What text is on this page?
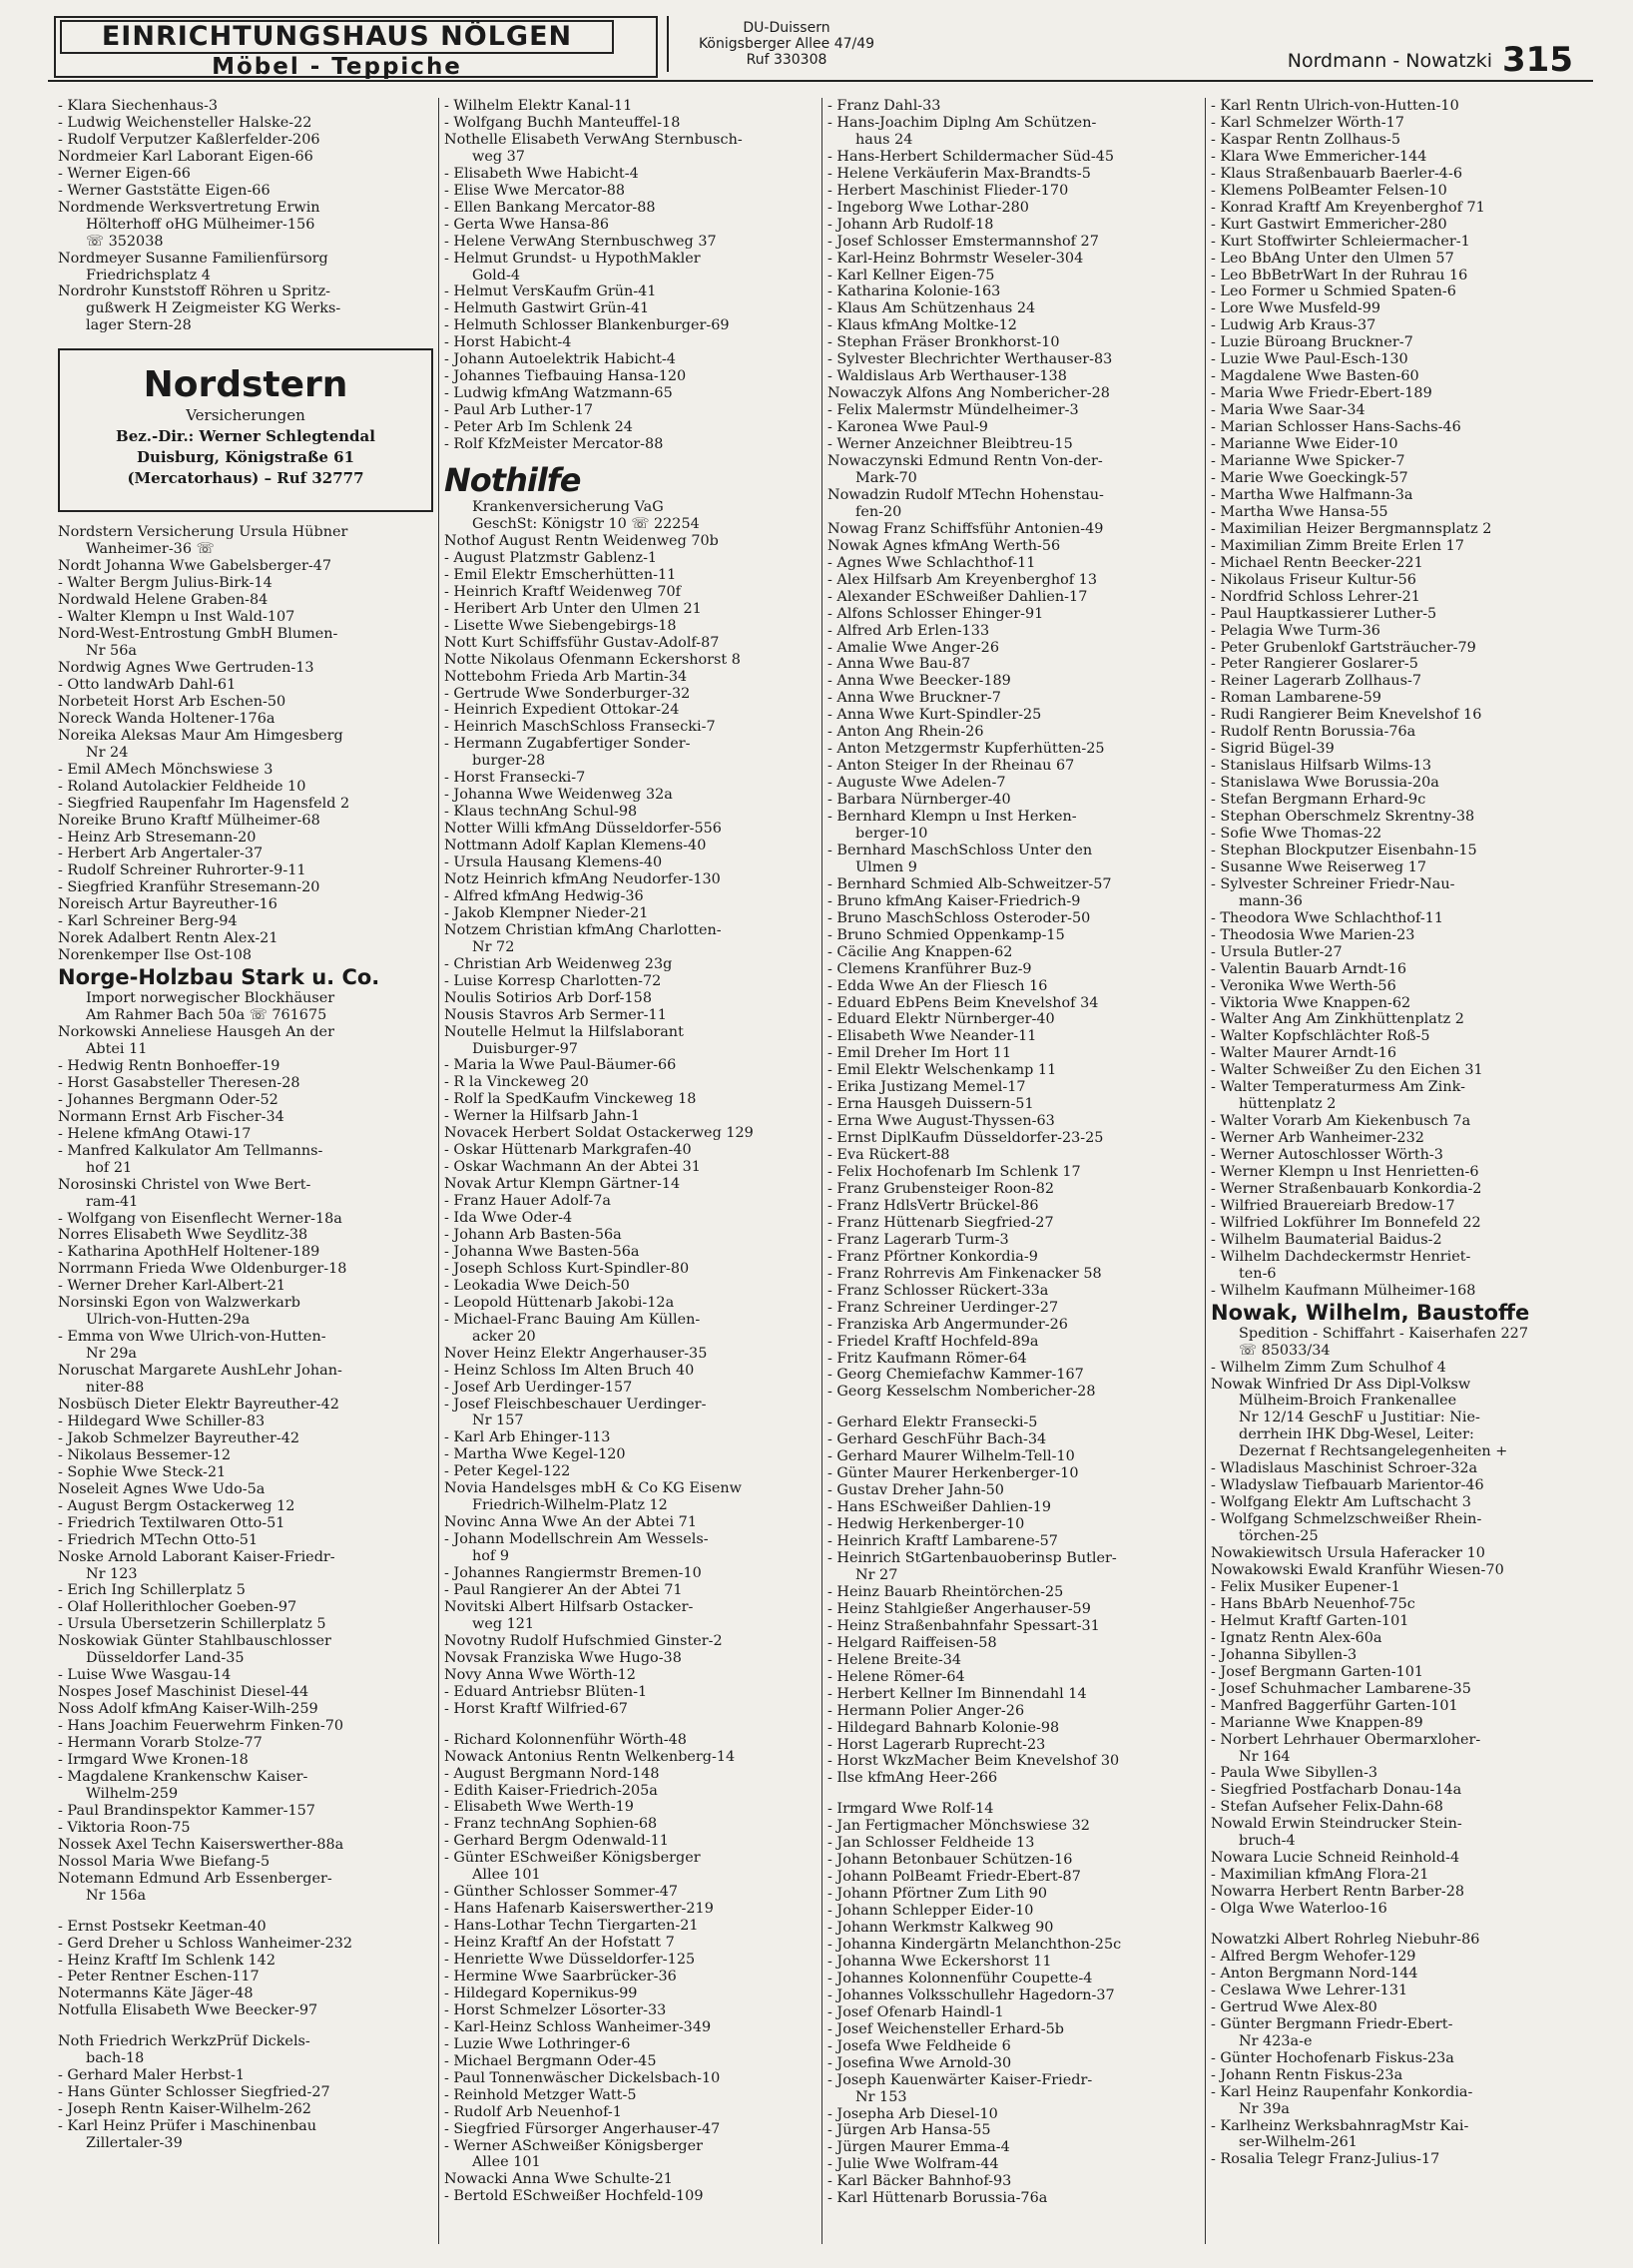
EINRICHTUNGSHAUS NÖLGEN
Möbel - Teppiche
DU-Duissern
Königsberger Allee 47/49
Ruf 330308	Nordmann - Nowatzki 315
- Klara Siechenhaus-3
- Ludwig Weichensteller Halske-22
- Rudolf Verputzer Kaßlerfelder-206
Nordmeier Karl Laborant Eigen-66
- Werner Eigen-66
- Werner Gaststätte Eigen-66
Nordmende Werksvertretung Erwin
Hölterhoff oHG Mülheimer-156
☏ 352038
Nordmeyer Susanne Familienfürsorg
Friedrichsplatz 4
Nordrohr Kunststoff Röhren u Spritz-
gußwerk H Zeigmeister KG Werks-
lager Stern-28
Nordstern
Versicherungen
Bez.-Dir.: Werner Schlegtendal
Duisburg, Königstraße 61
(Mercatorhaus) – Ruf 32777
Nordstern Versicherung Ursula Hübner
Wanheimer-36 ☏
Nordt Johanna Wwe Gabelsberger-47
- Walter Bergm Julius-Birk-14
Nordwald Helene Graben-84
- Walter Klempn u Inst Wald-107
Nord-West-Entrostung GmbH Blumen-
Nr 56a
Nordwig Agnes Wwe Gertruden-13
- Otto landwArb Dahl-61
Norbeteit Horst Arb Eschen-50
Noreck Wanda Holtener-176a
Noreika Aleksas Maur Am Himgesberg
Nr 24
- Emil AMech Mönchswiese 3
- Roland Autolackier Feldheide 10
- Siegfried Raupenfahr Im Hagensfeld 2
Noreike Bruno Kraftf Mülheimer-68
- Heinz Arb Stresemann-20
- Herbert Arb Angertaler-37
- Rudolf Schreiner Ruhrorter-9-11
- Siegfried Kranführ Stresemann-20
Noreisch Artur Bayreuther-16
- Karl Schreiner Berg-94
Norek Adalbert Rentn Alex-21
Norenkemper Ilse Ost-108
Norge-Holzbau Stark u. Co.
Import norwegischer Blockhäuser
Am Rahmer Bach 50a ☏ 761675
Norkowski Anneliese Hausgeh An der
Abtei 11
- Hedwig Rentn Bonhoeffer-19
- Horst Gasabsteller Theresen-28
- Johannes Bergmann Oder-52
Normann Ernst Arb Fischer-34
- Helene kfmAng Otawi-17
- Manfred Kalkulator Am Tellmanns-
hof 21
Norosinski Christel von Wwe Bert-
ram-41
- Wolfgang von Eisenflecht Werner-18a
Norres Elisabeth Wwe Seydlitz-38
- Katharina ApothHelf Holtener-189
Norrmann Frieda Wwe Oldenburger-18
- Werner Dreher Karl-Albert-21
Norsinski Egon von Walzwerkarb
Ulrich-von-Hutten-29a
- Emma von Wwe Ulrich-von-Hutten-
Nr 29a
Noruschat Margarete AushLehr Johan-
niter-88
Nosbüsch Dieter Elektr Bayreuther-42
- Hildegard Wwe Schiller-83
- Jakob Schmelzer Bayreuther-42
- Nikolaus Bessemer-12
- Sophie Wwe Steck-21
Noseleit Agnes Wwe Udo-5a
- August Bergm Ostackerweg 12
- Friedrich Textilwaren Otto-51
- Friedrich MTechn Otto-51
Noske Arnold Laborant Kaiser-Friedr-
Nr 123
- Erich Ing Schillerplatz 5
- Olaf Hollerithlocher Goeben-97
- Ursula Übersetzerin Schillerplatz 5
Noskowiak Günter Stahlbauschlosser
Düsseldorfer Land-35
- Luise Wwe Wasgau-14
Nospes Josef Maschinist Diesel-44
Noss Adolf kfmAng Kaiser-Wilh-259
- Hans Joachim Feuerwehrm Finken-70
- Hermann Vorarb Stolze-77
- Irmgard Wwe Kronen-18
- Magdalene Krankenschw Kaiser-
Wilhelm-259
- Paul Brandinspektor Kammer-157
- Viktoria Roon-75
Nossek Axel Techn Kaiserswerther-88a
Nossol Maria Wwe Biefang-5
Notemann Edmund Arb Essenberger-
Nr 156a
- Ernst Postsekr Keetman-40
- Gerd Dreher u Schloss Wanheimer-232
- Heinz Kraftf Im Schlenk 142
- Peter Rentner Eschen-117
Notermanns Käte Jäger-48
Notfulla Elisabeth Wwe Beecker-97
Noth Friedrich WerkzPrüf Dickels-
bach-18
- Gerhard Maler Herbst-1
- Hans Günter Schlosser Siegfried-27
- Joseph Rentn Kaiser-Wilhelm-262
- Karl Heinz Prüfer i Maschinenbau
Zillertaler-39
- Wilhelm Elektr Kanal-11
- Wolfgang Buchh Manteuffel-18
Nothelle Elisabeth VerwAng Sternbusch-
weg 37
- Elisabeth Wwe Habicht-4
- Elise Wwe Mercator-88
- Ellen Bankang Mercator-88
- Gerta Wwe Hansa-86
- Helene VerwAng Sternbuschweg 37
- Helmut Grundst- u HypothMakler
Gold-4
- Helmut VersKaufm Grün-41
- Helmuth Gastwirt Grün-41
- Helmuth Schlosser Blankenburger-69
- Horst Habicht-4
- Johann Autoelektrik Habicht-4
- Johannes Tiefbauing Hansa-120
- Ludwig kfmAng Watzmann-65
- Paul Arb Luther-17
- Peter Arb Im Schlenk 24
- Rolf KfzMeister Mercator-88
Nothilfe
Krankenversicherung VaG
GeschSt: Königstr 10 ☏ 22254
Nothof August Rentn Weidenweg 70b
- August Platzmstr Gablenz-1
- Emil Elektr Emscherhütten-11
- Heinrich Kraftf Weidenweg 70f
- Heribert Arb Unter den Ulmen 21
- Lisette Wwe Siebengebirgs-18
Nott Kurt Schiffsführ Gustav-Adolf-87
Notte Nikolaus Ofenmann Eckershorst 8
Nottebohm Frieda Arb Martin-34
- Gertrude Wwe Sonderburger-32
- Heinrich Expedient Ottokar-24
- Heinrich MaschSchloss Fransecki-7
- Hermann Zugabfertiger Sonder-
burger-28
- Horst Fransecki-7
- Johanna Wwe Weidenweg 32a
- Klaus technAng Schul-98
Notter Willi kfmAng Düsseldorfer-556
Nottmann Adolf Kaplan Klemens-40
- Ursula Hausang Klemens-40
Notz Heinrich kfmAng Neudorfer-130
- Alfred kfmAng Hedwig-36
- Jakob Klempner Nieder-21
Notzem Christian kfmAng Charlotten-
Nr 72
- Christian Arb Weidenweg 23g
- Luise Korresp Charlotten-72
Noulis Sotirios Arb Dorf-158
Nousis Stavros Arb Sermer-11
Noutelle Helmut la Hilfslaborant
Duisburger-97
- Maria la Wwe Paul-Bäumer-66
- R la Vinckeweg 20
- Rolf la SpedKaufm Vinckeweg 18
- Werner la Hilfsarb Jahn-1
Novacek Herbert Soldat Ostackerweg 129
- Oskar Hüttenarb Markgrafen-40
- Oskar Wachmann An der Abtei 31
Novak Artur Klempn Gärtner-14
- Franz Hauer Adolf-7a
- Ida Wwe Oder-4
- Johann Arb Basten-56a
- Johanna Wwe Basten-56a
- Joseph Schloss Kurt-Spindler-80
- Leokadia Wwe Deich-50
- Leopold Hüttenarb Jakobi-12a
- Michael-Franc Bauing Am Küllen-
acker 20
Nover Heinz Elektr Angerhauser-35
- Heinz Schloss Im Alten Bruch 40
- Josef Arb Uerdinger-157
- Josef Fleischbeschauer Uerdinger-
Nr 157
- Karl Arb Ehinger-113
- Martha Wwe Kegel-120
- Peter Kegel-122
Novia Handelsges mbH & Co KG Eisenw
Friedrich-Wilhelm-Platz 12
Novinc Anna Wwe An der Abtei 71
- Johann Modellschrein Am Wessels-
hof 9
- Johannes Rangiermstr Bremen-10
- Paul Rangierer An der Abtei 71
Novitski Albert Hilfsarb Ostacker-
weg 121
Novotny Rudolf Hufschmied Ginster-2
Novsak Franziska Wwe Hugo-38
Novy Anna Wwe Wörth-12
- Eduard Antriebsr Blüten-1
- Horst Kraftf Wilfried-67
- Richard Kolonnenführ Wörth-48
Nowack Antonius Rentn Welkenberg-14
- August Bergmann Nord-148
- Edith Kaiser-Friedrich-205a
- Elisabeth Wwe Werth-19
- Franz technAng Sophien-68
- Gerhard Bergm Odenwald-11
- Günter ESchweißer Königsberger
Allee 101
- Günther Schlosser Sommer-47
- Hans Hafenarb Kaiserswerther-219
- Hans-Lothar Techn Tiergarten-21
- Heinz Kraftf An der Hofstatt 7
- Henriette Wwe Düsseldorfer-125
- Hermine Wwe Saarbrücker-36
- Hildegard Kopernikus-99
- Horst Schmelzer Lösorter-33
- Karl-Heinz Schloss Wanheimer-349
- Luzie Wwe Lothringer-6
- Michael Bergmann Oder-45
- Paul Tonnenwäscher Dickelsbach-10
- Reinhold Metzger Watt-5
- Rudolf Arb Neuenhof-1
- Siegfried Fürsorger Angerhauser-47
- Werner ASchweißer Königsberger
Allee 101
Nowacki Anna Wwe Schulte-21
- Bertold ESchweißer Hochfeld-109
- Franz Dahl-33
- Hans-Joachim Diplng Am Schützen-
haus 24
- Hans-Herbert Schildermacher Süd-45
- Helene Verkäuferin Max-Brandts-5
- Herbert Maschinist Flieder-170
- Ingeborg Wwe Lothar-280
- Johann Arb Rudolf-18
- Josef Schlosser Emstermannshof 27
- Karl-Heinz Bohrmstr Weseler-304
- Karl Kellner Eigen-75
- Katharina Kolonie-163
- Klaus Am Schützenhaus 24
- Klaus kfmAng Moltke-12
- Stephan Fräser Bronkhorst-10
- Sylvester Blechrichter Werthauser-83
- Waldislaus Arb Werthauser-138
Nowaczyk Alfons Ang Nombericher-28
- Felix Malermstr Mündelheimer-3
- Karonea Wwe Paul-9
- Werner Anzeichner Bleibtreu-15
Nowaczynski Edmund Rentn Von-der-
Mark-70
Nowadzin Rudolf MTechn Hohenstau-
fen-20
Nowag Franz Schiffsführ Antonien-49
Nowak Agnes kfmAng Werth-56
- Agnes Wwe Schlachthof-11
- Alex Hilfsarb Am Kreyenberghof 13
- Alexander ESchweißer Dahlien-17
- Alfons Schlosser Ehinger-91
- Alfred Arb Erlen-133
- Amalie Wwe Anger-26
- Anna Wwe Bau-87
- Anna Wwe Beecker-189
- Anna Wwe Bruckner-7
- Anna Wwe Kurt-Spindler-25
- Anton Ang Rhein-26
- Anton Metzgermstr Kupferhütten-25
- Anton Steiger In der Rheinau 67
- Auguste Wwe Adelen-7
- Barbara Nürnberger-40
- Bernhard Klempn u Inst Herken-
berger-10
- Bernhard MaschSchloss Unter den
Ulmen 9
- Bernhard Schmied Alb-Schweitzer-57
- Bruno kfmAng Kaiser-Friedrich-9
- Bruno MaschSchloss Osteroder-50
- Bruno Schmied Oppenkamp-15
- Cäcilie Ang Knappen-62
- Clemens Kranführer Buz-9
- Edda Wwe An der Fliesch 16
- Eduard EbPens Beim Knevelshof 34
- Eduard Elektr Nürnberger-40
- Elisabeth Wwe Neander-11
- Emil Dreher Im Hort 11
- Emil Elektr Welschenkamp 11
- Erika Justizang Memel-17
- Erna Hausgeh Duissern-51
- Erna Wwe August-Thyssen-63
- Ernst DiplKaufm Düsseldorfer-23-25
- Eva Rückert-88
- Felix Hochofenarb Im Schlenk 17
- Franz Grubensteiger Roon-82
- Franz HdlsVertr Brückel-86
- Franz Hüttenarb Siegfried-27
- Franz Lagerarb Turm-3
- Franz Pförtner Konkordia-9
- Franz Rohrrevis Am Finkenacker 58
- Franz Schlosser Rückert-33a
- Franz Schreiner Uerdinger-27
- Franziska Arb Angermunder-26
- Friedel Kraftf Hochfeld-89a
- Fritz Kaufmann Römer-64
- Georg Chemiefachw Kammer-167
- Georg Kesselschm Nombericher-28
- Gerhard Elektr Fransecki-5
- Gerhard GeschFühr Bach-34
- Gerhard Maurer Wilhelm-Tell-10
- Günter Maurer Herkenberger-10
- Gustav Dreher Jahn-50
- Hans ESchweißer Dahlien-19
- Hedwig Herkenberger-10
- Heinrich Kraftf Lambarene-57
- Heinrich StGartenbauoberinsp Butler-
Nr 27
- Heinz Bauarb Rheintörchen-25
- Heinz Stahlgießer Angerhauser-59
- Heinz Straßenbahnfahr Spessart-31
- Helgard Raiffeisen-58
- Helene Breite-34
- Helene Römer-64
- Herbert Kellner Im Binnendahl 14
- Hermann Polier Anger-26
- Hildegard Bahnarb Kolonie-98
- Horst Lagerarb Ruprecht-23
- Horst WkzMacher Beim Knevelshof 30
- Ilse kfmAng Heer-266
- Irmgard Wwe Rolf-14
- Jan Fertigmacher Mönchswiese 32
- Jan Schlosser Feldheide 13
- Johann Betonbauer Schützen-16
- Johann PolBeamt Friedr-Ebert-87
- Johann Pförtner Zum Lith 90
- Johann Schlepper Eider-10
- Johann Werkmstr Kalkweg 90
- Johanna Kindergärtn Melanchthon-25c
- Johanna Wwe Eckershorst 11
- Johannes Kolonnenführ Coupette-4
- Johannes Volksschullehr Hagedorn-37
- Josef Ofenarb Haindl-1
- Josef Weichensteller Erhard-5b
- Josefa Wwe Feldheide 6
- Josefina Wwe Arnold-30
- Joseph Kauenwärter Kaiser-Friedr-
Nr 153
- Josepha Arb Diesel-10
- Jürgen Arb Hansa-55
- Jürgen Maurer Emma-4
- Julie Wwe Wolfram-44
- Karl Bäcker Bahnhof-93
- Karl Hüttenarb Borussia-76a
- Karl Rentn Ulrich-von-Hutten-10
- Karl Schmelzer Wörth-17
- Kaspar Rentn Zollhaus-5
- Klara Wwe Emmericher-144
- Klaus Straßenbauarb Baerler-4-6
- Klemens PolBeamter Felsen-10
- Konrad Kraftf Am Kreyenberghof 71
- Kurt Gastwirt Emmericher-280
- Kurt Stoffwirter Schleiermacher-1
- Leo BbAng Unter den Ulmen 57
- Leo BbBetrWart In der Ruhrau 16
- Leo Former u Schmied Spaten-6
- Lore Wwe Musfeld-99
- Ludwig Arb Kraus-37
- Luzie Büroang Bruckner-7
- Luzie Wwe Paul-Esch-130
- Magdalene Wwe Basten-60
- Maria Wwe Friedr-Ebert-189
- Maria Wwe Saar-34
- Marian Schlosser Hans-Sachs-46
- Marianne Wwe Eider-10
- Marianne Wwe Spicker-7
- Marie Wwe Goeckingk-57
- Martha Wwe Halfmann-3a
- Martha Wwe Hansa-55
- Maximilian Heizer Bergmannsplatz 2
- Maximilian Zimm Breite Erlen 17
- Michael Rentn Beecker-221
- Nikolaus Friseur Kultur-56
- Nordfrid Schloss Lehrer-21
- Paul Hauptkassierer Luther-5
- Pelagia Wwe Turm-36
- Peter Grubenlokf Gartsträucher-79
- Peter Rangierer Goslarer-5
- Reiner Lagerarb Zollhaus-7
- Roman Lambarene-59
- Rudi Rangierer Beim Knevelshof 16
- Rudolf Rentn Borussia-76a
- Sigrid Bügel-39
- Stanislaus Hilfsarb Wilms-13
- Stanislawa Wwe Borussia-20a
- Stefan Bergmann Erhard-9c
- Stephan Oberschmelz Skrentny-38
- Sofie Wwe Thomas-22
- Stephan Blockputzer Eisenbahn-15
- Susanne Wwe Reiserweg 17
- Sylvester Schreiner Friedr-Nau-
mann-36
- Theodora Wwe Schlachthof-11
- Theodosia Wwe Marien-23
- Ursula Butler-27
- Valentin Bauarb Arndt-16
- Veronika Wwe Werth-56
- Viktoria Wwe Knappen-62
- Walter Ang Am Zinkhüttenplatz 2
- Walter Kopfschlächter Roß-5
- Walter Maurer Arndt-16
- Walter Schweißer Zu den Eichen 31
- Walter Temperaturmess Am Zink-
hüttenplatz 2
- Walter Vorarb Am Kiekenbusch 7a
- Werner Arb Wanheimer-232
- Werner Autoschlosser Wörth-3
- Werner Klempn u Inst Henrietten-6
- Werner Straßenbauarb Konkordia-2
- Wilfried Brauereiarb Bredow-17
- Wilfried Lokführer Im Bonnefeld 22
- Wilhelm Baumaterial Baidus-2
- Wilhelm Dachdeckermstr Henriet-
ten-6
- Wilhelm Kaufmann Mülheimer-168
Nowak, Wilhelm, Baustoffe
Spedition - Schiffahrt - Kaiserhafen 227
☏ 85033/34
- Wilhelm Zimm Zum Schulhof 4
Nowak Winfried Dr Ass Dipl-Volksw
Mülheim-Broich Frankenallee
Nr 12/14 GeschF u Justitiar: Nie-
derrhein IHK Dbg-Wesel, Leiter:
Dezernat f Rechtsangelegenheiten +
- Wladislaus Maschinist Schroer-32a
- Wladyslaw Tiefbauarb Marientor-46
- Wolfgang Elektr Am Luftschacht 3
- Wolfgang Schmelzschweißer Rhein-
törchen-25
Nowakiewitsch Ursula Haferacker 10
Nowakowski Ewald Kranführ Wiesen-70
- Felix Musiker Eupener-1
- Hans BbArb Neuenhof-75c
- Helmut Kraftf Garten-101
- Ignatz Rentn Alex-60a
- Johanna Sibyllen-3
- Josef Bergmann Garten-101
- Josef Schuhmacher Lambarene-35
- Manfred Baggerführ Garten-101
- Marianne Wwe Knappen-89
- Norbert Lehrhauer Obermarxloher-
Nr 164
- Paula Wwe Sibyllen-3
- Siegfried Postfacharb Donau-14a
- Stefan Aufseher Felix-Dahn-68
Nowald Erwin Steindrucker Stein-
bruch-4
Nowara Lucie Schneid Reinhold-4
- Maximilian kfmAng Flora-21
Nowarra Herbert Rentn Barber-28
- Olga Wwe Waterloo-16
Nowatzki Albert Rohrleg Niebuhr-86
- Alfred Bergm Wehofer-129
- Anton Bergmann Nord-144
- Ceslawa Wwe Lehrer-131
- Gertrud Wwe Alex-80
- Günter Bergmann Friedr-Ebert-
Nr 423a-e
- Günter Hochofenarb Fiskus-23a
- Johann Rentn Fiskus-23a
- Karl Heinz Raupenfahr Konkordia-
Nr 39a
- Karlheinz WerksbahnragMstr Kai-
ser-Wilhelm-261
- Rosalia Telegr Franz-Julius-17
